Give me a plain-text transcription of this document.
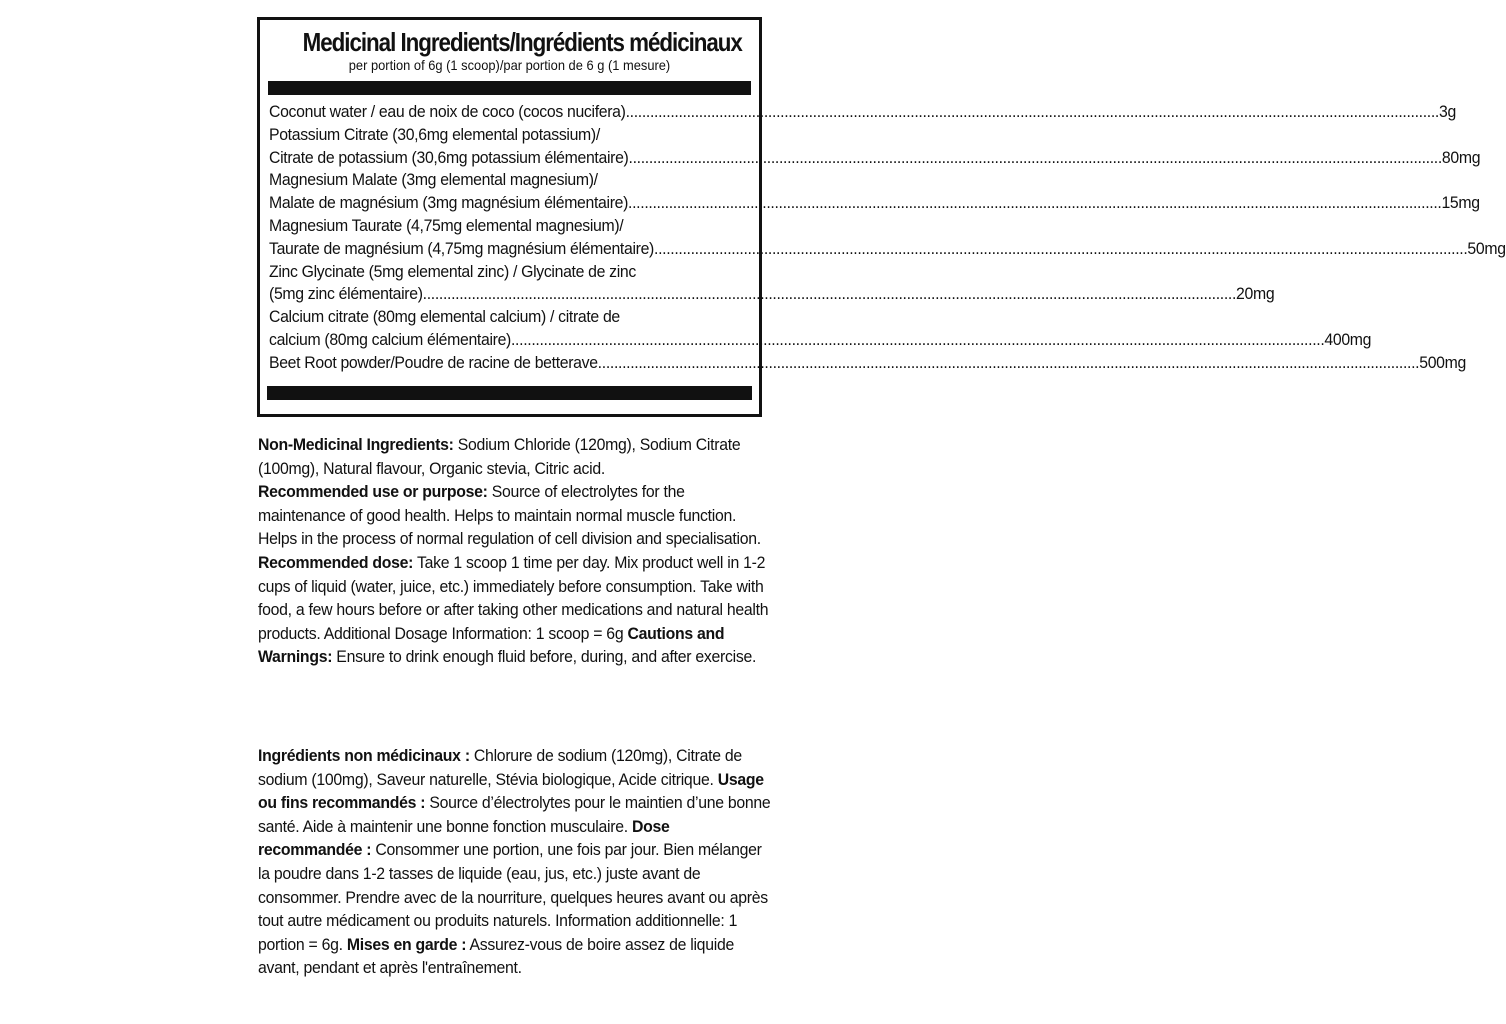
Medicinal Ingredients/Ingrédients médicinaux
per portion of 6g (1 scoop)/par portion de 6 g (1 mesure)
Coconut water / eau de noix de coco (cocos nucifera) ........................................................................................................................................................................................................ 3g
Potassium Citrate (30,6mg elemental potassium)/
Citrate de potassium (30,6mg potassium élémentaire) ........................................................................................................................................................................................................ 80mg
Magnesium Malate (3mg elemental magnesium)/
Malate de magnésium (3mg magnésium élémentaire) ........................................................................................................................................................................................................ 15mg
Magnesium Taurate (4,75mg elemental magnesium)/
Taurate de magnésium (4,75mg magnésium élémentaire) ........................................................................................................................................................................................................ 50mg
Zinc Glycinate (5mg elemental zinc) / Glycinate de zinc
(5mg zinc élémentaire) ........................................................................................................................................................................................................ 20mg
Calcium citrate (80mg elemental calcium) / citrate de
calcium (80mg calcium élémentaire) ........................................................................................................................................................................................................ 400mg
Beet Root powder/Poudre de racine de betterave.. ........................................................................................................................................................................................................ 500mg

Non-Medicinal Ingredients: Sodium Chloride (120mg), Sodium Citrate (100mg), Natural flavour, Organic stevia, Citric acid.
Recommended use or purpose: Source of electrolytes for the maintenance of good health. Helps to maintain normal muscle function. Helps in the process of normal regulation of cell division and specialisation. Recommended dose: Take 1 scoop 1 time per day. Mix product well in 1-2 cups of liquid (water, juice, etc.) immediately before consumption. Take with food, a few hours before or after taking other medications and natural health products. Additional Dosage Information: 1 scoop = 6g Cautions and Warnings: Ensure to drink enough fluid before, during, and after exercise.

Ingrédients non médicinaux : Chlorure de sodium (120mg), Citrate de sodium (100mg), Saveur naturelle, Stévia biologique, Acide citrique. Usage ou fins recommandés : Source d’électrolytes pour le maintien d’une bonne santé. Aide à maintenir une bonne fonction musculaire. Dose recommandée : Consommer une portion, une fois par jour. Bien mélanger la poudre dans 1-2 tasses de liquide (eau, jus, etc.) juste avant de consommer. Prendre avec de la nourriture, quelques heures avant ou après tout autre médicament ou produits naturels. Information additionnelle: 1 portion = 6g. Mises en garde : Assurez-vous de boire assez de liquide avant, pendant et après l'entraînement.
